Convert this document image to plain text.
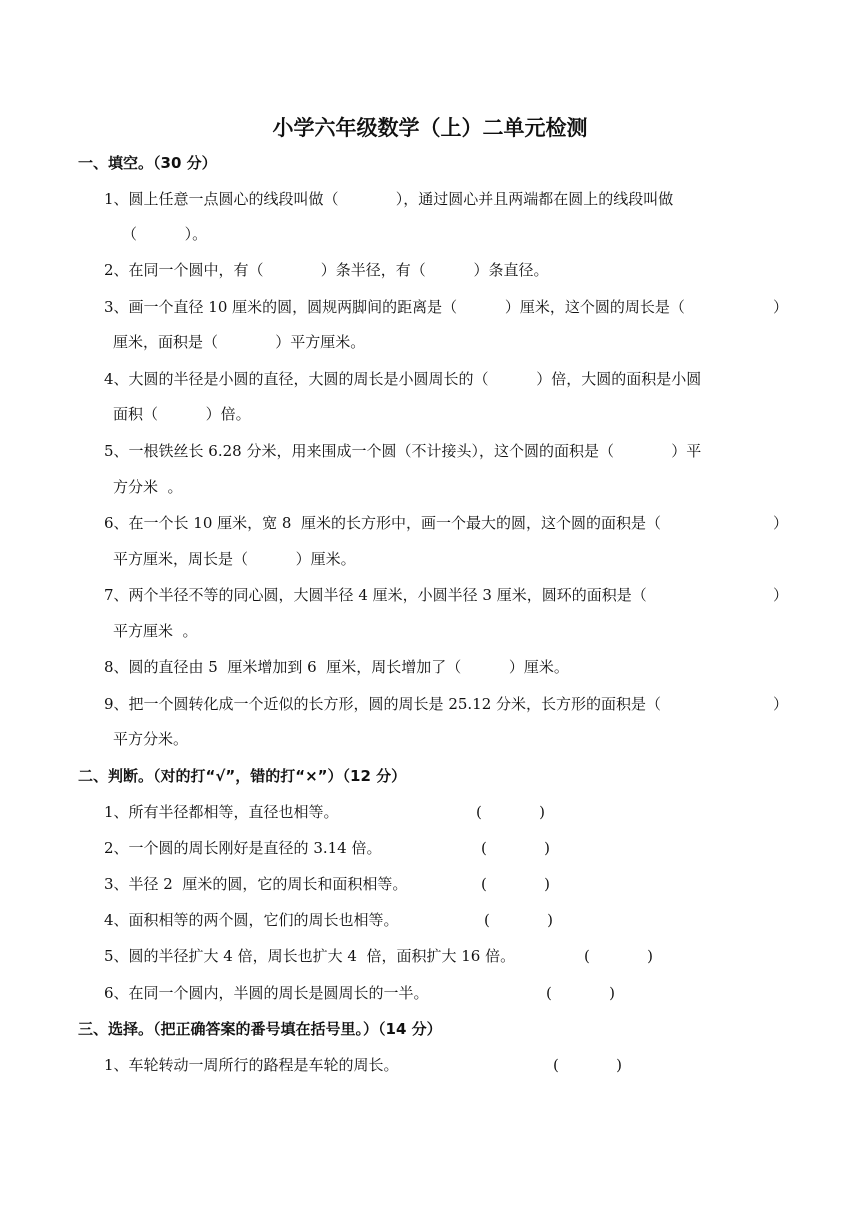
小学六年级数学（上）二单元检测
一、填空。（30 分）
1、圆上任意一点圆心的线段叫做（            ），通过圆心并且两端都在圆上的线段叫做
（          ）。
2、在同一个圆中，有（            ）条半径，有（          ）条直径。
3、画一个直径 10 厘米的圆，圆规两脚间的距离是（          ）厘米，这个圆的周长是（	）
厘米，面积是（            ）平方厘米。
4、大圆的半径是小圆的直径，大圆的周长是小圆周长的（          ）倍，大圆的面积是小圆
面积（          ）倍。
5、一根铁丝长 6.28 分米，用来围成一个圆（不计接头），这个圆的面积是（            ）平
方分米  。
6、在一个长 10 厘米，宽 8  厘米的长方形中，画一个最大的圆，这个圆的面积是（	）
平方厘米，周长是（          ）厘米。
7、两个半径不等的同心圆，大圆半径 4 厘米，小圆半径 3 厘米，圆环的面积是（	）
平方厘米  。
8、圆的直径由 5  厘米增加到 6  厘米，周长增加了（          ）厘米。
9、把一个圆转化成一个近似的长方形，圆的周长是 25.12 分米，长方形的面积是（	）
平方分米。
二、判断。（对的打“√”，错的打“×”）（12 分）
1、所有半径都相等，直径也相等。	(            )
2、一个圆的周长刚好是直径的 3.14 倍。	(            )
3、半径 2  厘米的圆，它的周长和面积相等。	(            )
4、面积相等的两个圆，它们的周长也相等。	(            )
5、圆的半径扩大 4 倍，周长也扩大 4  倍，面积扩大 16 倍。	(            )
6、在同一个圆内，半圆的周长是圆周长的一半。	(            )
三、选择。（把正确答案的番号填在括号里。）（14 分）
1、车轮转动一周所行的路程是车轮的周长。	(            )
